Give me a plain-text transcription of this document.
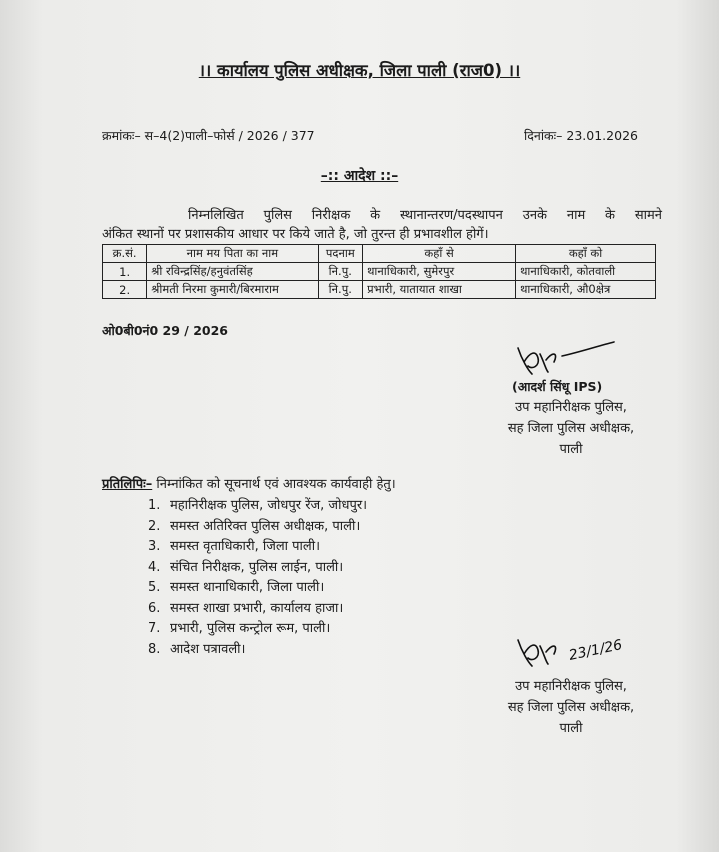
।। कार्यालय पुलिस अधीक्षक, जिला पाली (राज0) ।।
क्रमांकः– स–4(2)पाली–फोर्स / 2026 / 377	दिनांकः– 23.01.2026
–:: आदेश ::–
निम्नलिखित पुलिस निरीक्षक के स्थानान्तरण/पदस्थापन उनके नाम के सामने
अंकित स्थानों पर प्रशासकीय आधार पर किये जाते है, जो तुरन्त ही प्रभावशील होगें।
क्र.सं.	नाम मय पिता का नाम	पदनाम	कहाँ से	कहाँ को
1.	श्री रविन्द्रसिंह/हनुवंतसिंह	नि.पु.	थानाधिकारी, सुमेरपुर	थानाधिकारी, कोतवाली
2.	श्रीमती निरमा कुमारी/बिरमाराम	नि.पु.	प्रभारी, यातायात शाखा	थानाधिकारी, औ0क्षेत्र
ओ0बी0नं0 29 / 2026
(आदर्श सिंधू IPS)
उप महानिरीक्षक पुलिस,
सह जिला पुलिस अधीक्षक,
पाली
प्रतिलिपिः– निम्नांकित को सूचनार्थ एवं आवश्यक कार्यवाही हेतु।
1. महानिरीक्षक पुलिस, जोधपुर रेंज, जोधपुर।
2. समस्त अतिरिक्त पुलिस अधीक्षक, पाली।
3. समस्त वृताधिकारी, जिला पाली।
4. संचित निरीक्षक, पुलिस लाईन, पाली।
5. समस्त थानाधिकारी, जिला पाली।
6. समस्त शाखा प्रभारी, कार्यालय हाजा।
7. प्रभारी, पुलिस कन्ट्रोल रूम, पाली।
8. आदेश पत्रावली।	23/1/26
उप महानिरीक्षक पुलिस,
सह जिला पुलिस अधीक्षक,
पाली
